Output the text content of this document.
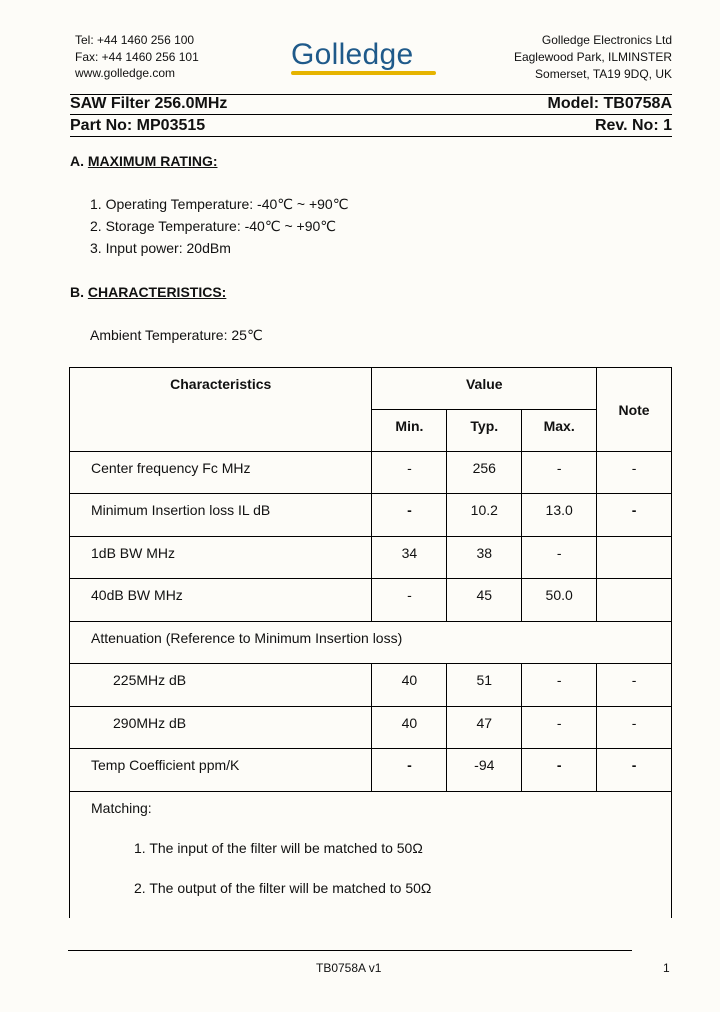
Tel: +44 1460 256 100
Fax: +44 1460 256 101
www.golledge.com
Golledge	Golledge Electronics Ltd
Eaglewood Park, ILMINSTER
Somerset, TA19 9DQ, UK
SAW Filter 256.0MHz	Model: TB0758A
Part No: MP03515	Rev. No: 1
A. MAXIMUM RATING:
1. Operating Temperature: -40℃ ~ +90℃
2. Storage Temperature: -40℃ ~ +90℃
3. Input power: 20dBm
B. CHARACTERISTICS:
Ambient Temperature: 25℃
Characteristics	Value			Note
	Min.	Typ.	Max.	
Center frequency Fc MHz	-	256	-	-
Minimum Insertion loss IL dB	-	10.2	13.0	-
1dB BW MHz	34	38	-	
40dB BW MHz	-	45	50.0	
Attenuation (Reference to Minimum Insertion loss)				
225MHz dB	40	51	-	-
290MHz dB	40	47	-	-
Temp Coefficient ppm/K	-	-94	-	-

Matching:
1. The input of the filter will be matched to 50Ω
2. The output of the filter will be matched to 50Ω				
TB0758A v1	1
